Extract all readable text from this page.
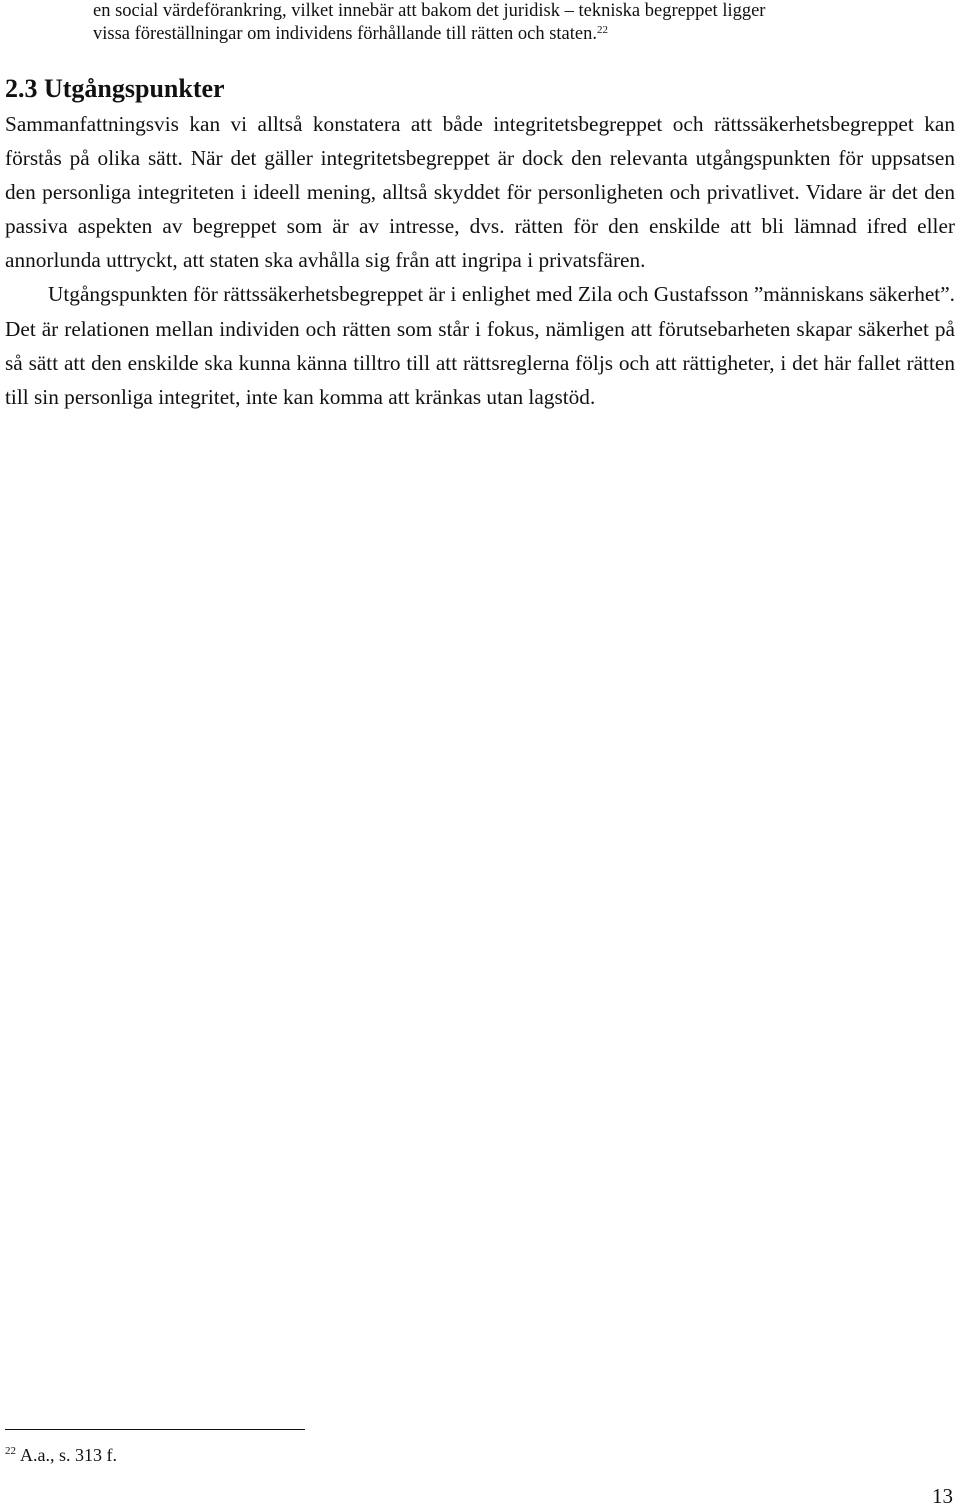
en social värdeförankring, vilket innebär att bakom det juridisk – tekniska begreppet ligger
vissa föreställningar om individens förhållande till rätten och staten.$^{22}$
2.3 Utgångspunkter

Sammanfattningsvis kan vi alltså konstatera att både integritetsbegreppet och rättssäkerhetsbegreppet kan förstås på olika sätt. När det gäller integritetsbegreppet är dock den relevanta utgångspunkten för uppsatsen den personliga integriteten i ideell mening, alltså skyddet för personligheten och privatlivet. Vidare är det den passiva aspekten av begreppet som är av intresse, dvs. rätten för den enskilde att bli lämnad ifred eller annorlunda uttryckt, att staten ska avhålla sig från att ingripa i privatsfären.

Utgångspunkten för rättssäkerhetsbegreppet är i enlighet med Zila och Gustafsson ”människans säkerhet”. Det är relationen mellan individen och rätten som står i fokus, nämligen att förutsebarheten skapar säkerhet på så sätt att den enskilde ska kunna känna tilltro till att rättsreglerna följs och att rättigheter, i det här fallet rätten till sin personliga integritet, inte kan komma att kränkas utan lagstöd.

$^{22}$ A.a., s. 313 f.
13
